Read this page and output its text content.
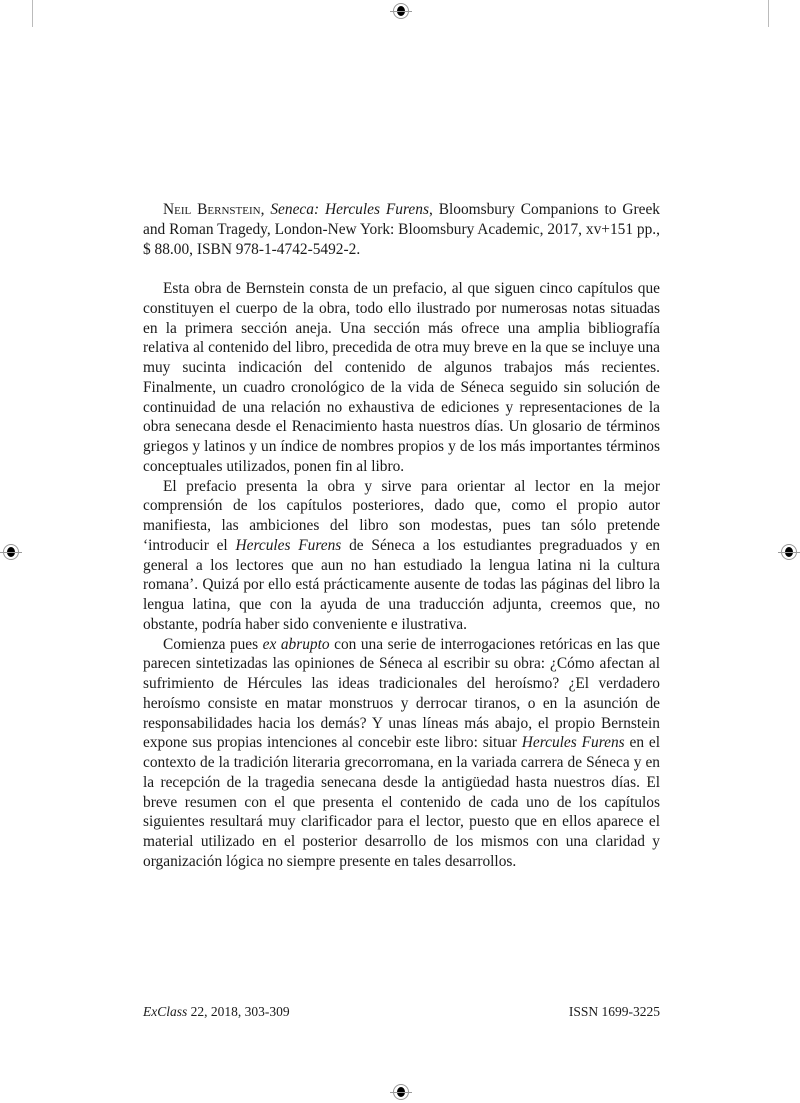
Neil Bernstein, Seneca: Hercules Furens, Bloomsbury Companions to Greek and Roman Tragedy, London-New York: Bloomsbury Academic, 2017, xv+151 pp., $ 88.00, ISBN 978-1-4742-5492-2.

Esta obra de Bernstein consta de un prefacio, al que siguen cinco capítulos que constituyen el cuerpo de la obra, todo ello ilustrado por numerosas notas situadas en la primera sección aneja. Una sección más ofrece una amplia bibliografía relativa al contenido del libro, precedida de otra muy breve en la que se incluye una muy sucinta indicación del contenido de algunos trabajos más recientes. Finalmente, un cuadro cronológico de la vida de Séneca seguido sin solución de continuidad de una relación no exhaustiva de ediciones y representaciones de la obra senecana desde el Renacimiento hasta nuestros días. Un glosario de términos griegos y latinos y un índice de nombres propios y de los más importantes términos conceptuales utilizados, ponen fin al libro.

El prefacio presenta la obra y sirve para orientar al lector en la mejor comprensión de los capítulos posteriores, dado que, como el propio autor manifiesta, las ambiciones del libro son modestas, pues tan sólo pretende ‘introducir el Hercules Furens de Séneca a los estudiantes pregraduados y en general a los lectores que aun no han estudiado la lengua latina ni la cultura romana’. Quizá por ello está prácticamente ausente de todas las páginas del libro la lengua latina, que con la ayuda de una traducción adjunta, creemos que, no obstante, podría haber sido conveniente e ilustrativa.

Comienza pues ex abrupto con una serie de interrogaciones retóricas en las que parecen sintetizadas las opiniones de Séneca al escribir su obra: ¿Cómo afectan al sufrimiento de Hércules las ideas tradicionales del heroísmo? ¿El verdadero heroísmo consiste en matar monstruos y derrocar tiranos, o en la asunción de responsabilidades hacia los demás? Y unas líneas más abajo, el propio Bernstein expone sus propias intenciones al concebir este libro: situar Hercules Furens en el contexto de la tradición literaria grecorromana, en la variada carrera de Séneca y en la recepción de la tragedia senecana desde la antigüedad hasta nuestros días. El breve resumen con el que presenta el contenido de cada uno de los capítulos siguientes resultará muy clarificador para el lector, puesto que en ellos aparece el material utilizado en el posterior desarrollo de los mismos con una claridad y organización lógica no siempre presente en tales desarrollos.

ExClass 22, 2018, 303-309	ISSN 1699-3225
